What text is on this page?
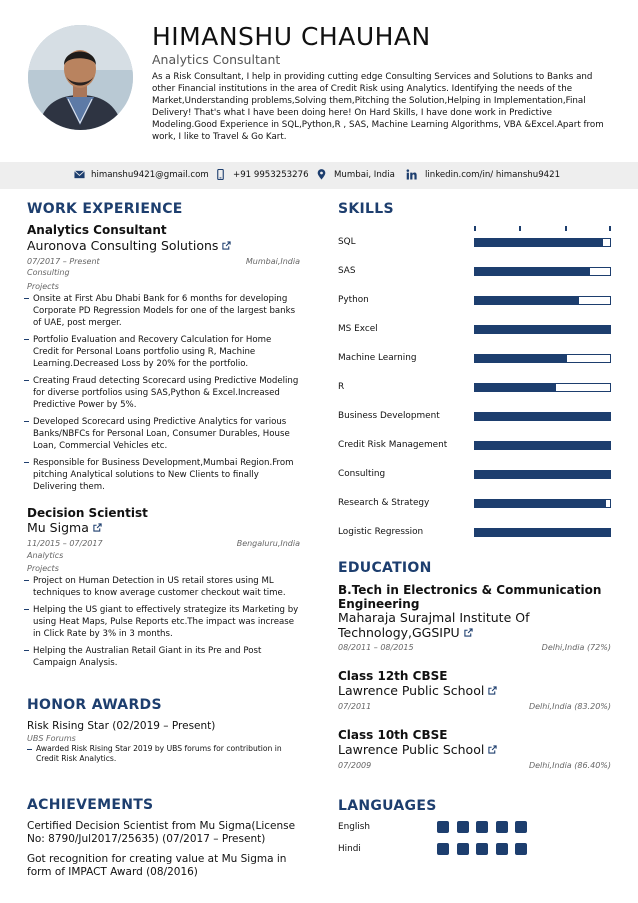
HIMANSHU CHAUHAN
Analytics Consultant
As a Risk Consultant, I help in providing cutting edge Consulting Services and Solutions to Banks and other Financial institutions in the area of Credit Risk using Analytics. Identifying the needs of the Market,Understanding problems,Solving them,Pitching the Solution,Helping in Implementation,Final Delivery! That's what I have been doing here! On Hard Skills, I have done work in Predictive Modeling.Good Experience in SQL,Python,R , SAS, Machine Learning Algorithms, VBA &Excel.Apart from work, I like to Travel & Go Kart.
himanshu9421@gmail.com	+91 9953253276	Mumbai, India	linkedin.com/in/ himanshu9421
WORK EXPERIENCE
Analytics Consultant
Auronova Consulting Solutions
07/2017 – Present	Mumbai,India
Consulting
Projects
Onsite at First Abu Dhabi Bank for 6 months for developing Corporate PD Regression Models for one of the largest banks of UAE, post merger.
Portfolio Evaluation and Recovery Calculation for Home Credit for Personal Loans portfolio using R, Machine Learning.Decreased Loss by 20% for the portfolio.
Creating Fraud detecting Scorecard using Predictive Modeling for diverse portfolios using SAS,Python & Excel.Increased Predictive Power by 5%.
Developed Scorecard using Predictive Analytics for various Banks/NBFCs for Personal Loan, Consumer Durables, House Loan, Commercial Vehicles etc.
Responsible for Business Development,Mumbai Region.From pitching Analytical solutions to New Clients to finally Delivering them.
Decision Scientist
Mu Sigma
11/2015 – 07/2017	Bengaluru,India
Analytics
Projects
Project on Human Detection in US retail stores using ML techniques to know average customer checkout wait time.
Helping the US giant to effectively strategize its Marketing by using Heat Maps, Pulse Reports etc.The impact was increase in Click Rate by 3% in 3 months.
Helping the Australian Retail Giant in its Pre and Post Campaign Analysis.
HONOR AWARDS
Risk Rising Star (02/2019 – Present)
UBS Forums
Awarded Risk Rising Star 2019 by UBS forums for contribution in Credit Risk Analytics.
ACHIEVEMENTS
Certified Decision Scientist from Mu Sigma(License No: 8790/Jul2017/25635) (07/2017 – Present)
Got recognition for creating value at Mu Sigma in form of IMPACT Award (08/2016)
SKILLS
SQL
SAS
Python
MS Excel
Machine Learning
R
Business Development
Credit Risk Management
Consulting
Research & Strategy
Logistic Regression
EDUCATION
B.Tech in Electronics & Communication Engineering
Maharaja Surajmal Institute Of Technology,GGSIPU
08/2011 – 08/2015	Delhi,India (72%)
Class 12th CBSE
Lawrence Public School
07/2011	Delhi,India (83.20%)
Class 10th CBSE
Lawrence Public School
07/2009	Delhi,India (86.40%)
LANGUAGES
English
Hindi
